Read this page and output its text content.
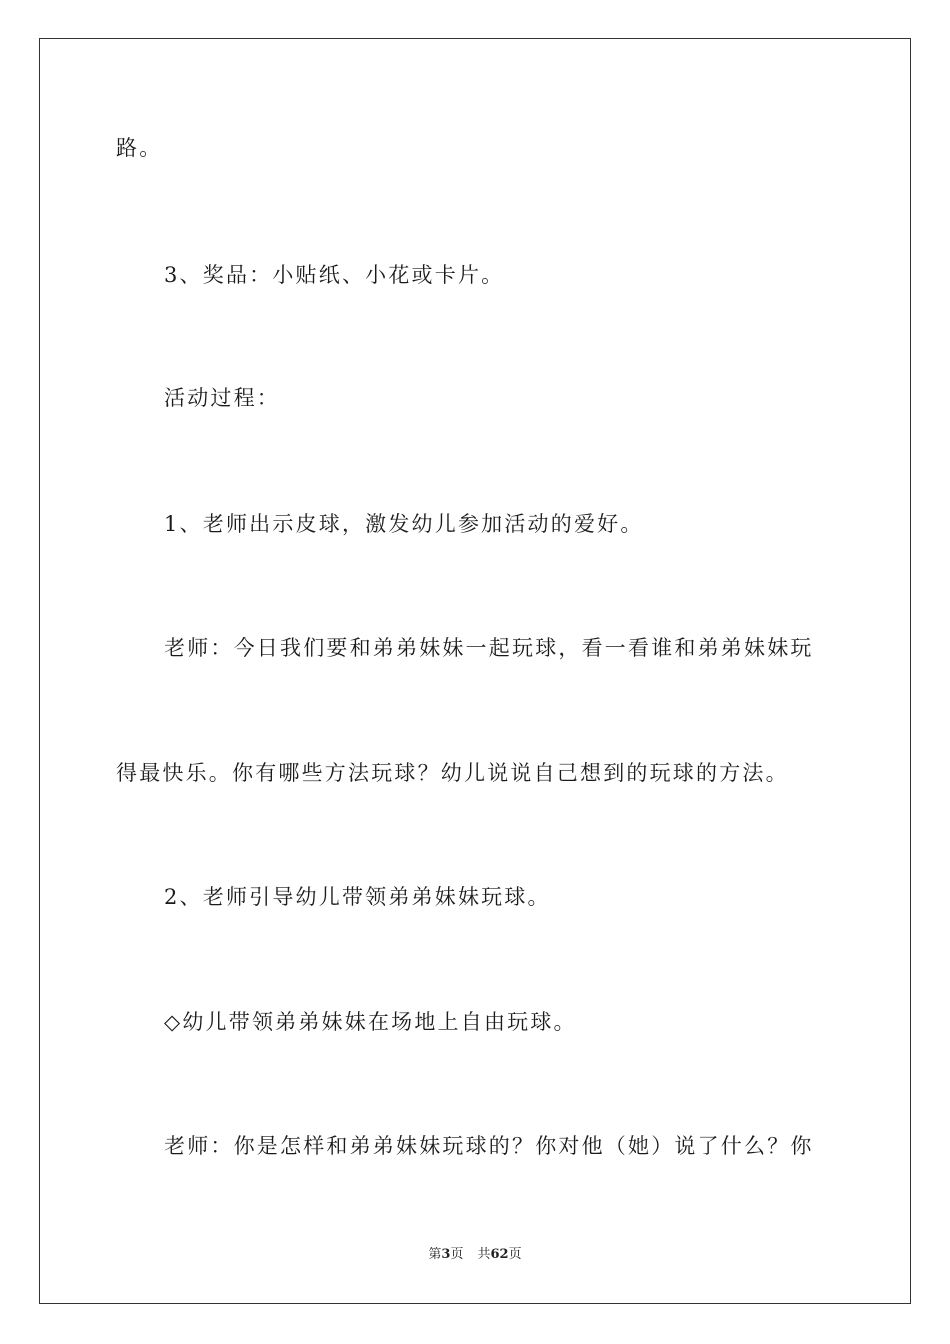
路。
3、奖品：小贴纸、小花或卡片。
活动过程：
1、老师出示皮球，激发幼儿参加活动的爱好。
老师：今日我们要和弟弟妹妹一起玩球，看一看谁和弟弟妹妹玩
得最快乐。你有哪些方法玩球？幼儿说说自己想到的玩球的方法。
2、老师引导幼儿带领弟弟妹妹玩球。
◇幼儿带领弟弟妹妹在场地上自由玩球。
老师：你是怎样和弟弟妹妹玩球的？你对他（她）说了什么？你
第3页 共62页
